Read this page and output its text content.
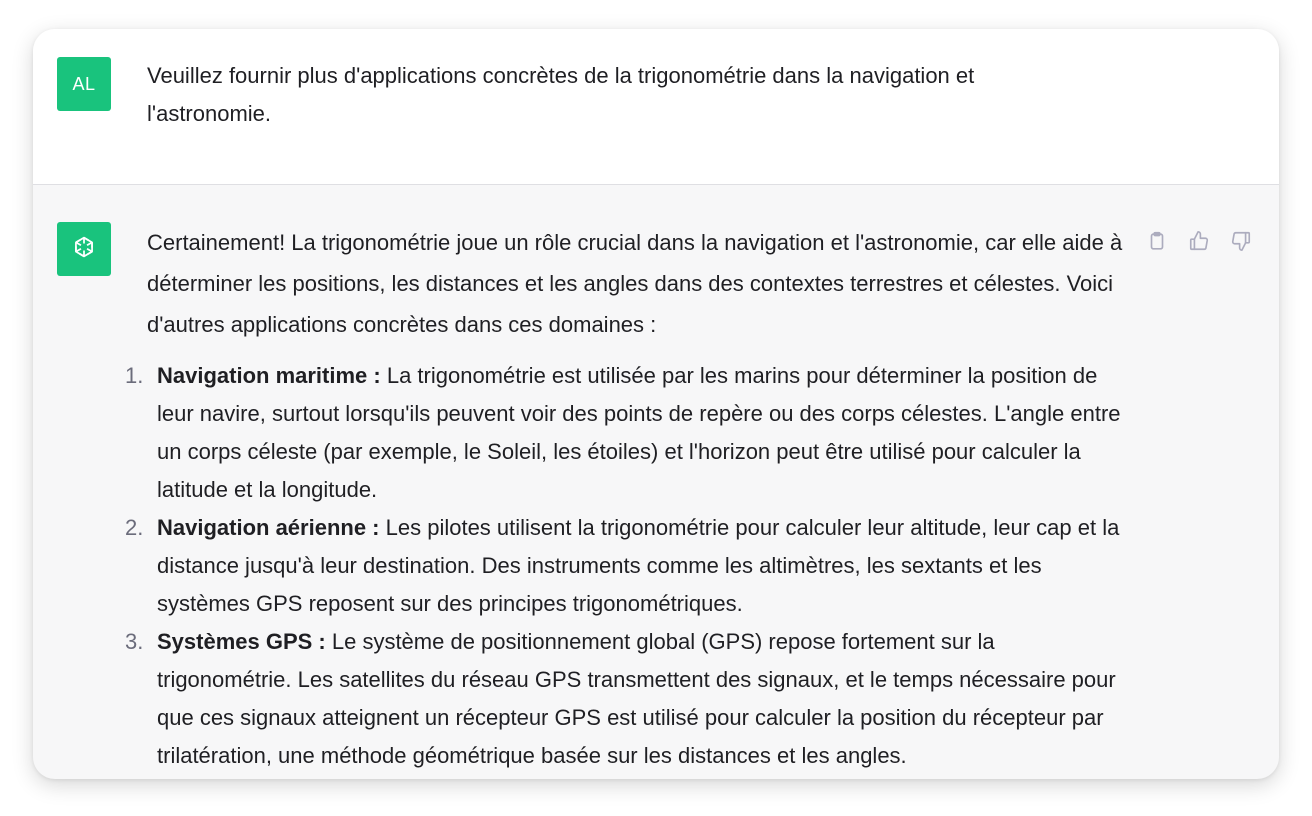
AL Veuillez fournir plus d'applications concrètes de la trigonométrie dans la navigation et l'astronomie.

Certainement! La trigonométrie joue un rôle crucial dans la navigation et l'astronomie, car elle aide à déterminer les positions, les distances et les angles dans des contextes terrestres et célestes. Voici d'autres applications concrètes dans ces domaines :

1. Navigation maritime : La trigonométrie est utilisée par les marins pour déterminer la position de leur navire, surtout lorsqu'ils peuvent voir des points de repère ou des corps célestes. L'angle entre un corps céleste (par exemple, le Soleil, les étoiles) et l'horizon peut être utilisé pour calculer la latitude et la longitude.
2. Navigation aérienne : Les pilotes utilisent la trigonométrie pour calculer leur altitude, leur cap et la distance jusqu'à leur destination. Des instruments comme les altimètres, les sextants et les systèmes GPS reposent sur des principes trigonométriques.
3. Systèmes GPS : Le système de positionnement global (GPS) repose fortement sur la trigonométrie. Les satellites du réseau GPS transmettent des signaux, et le temps nécessaire pour que ces signaux atteignent un récepteur GPS est utilisé pour calculer la position du récepteur par trilatération, une méthode géométrique basée sur les distances et les angles.
